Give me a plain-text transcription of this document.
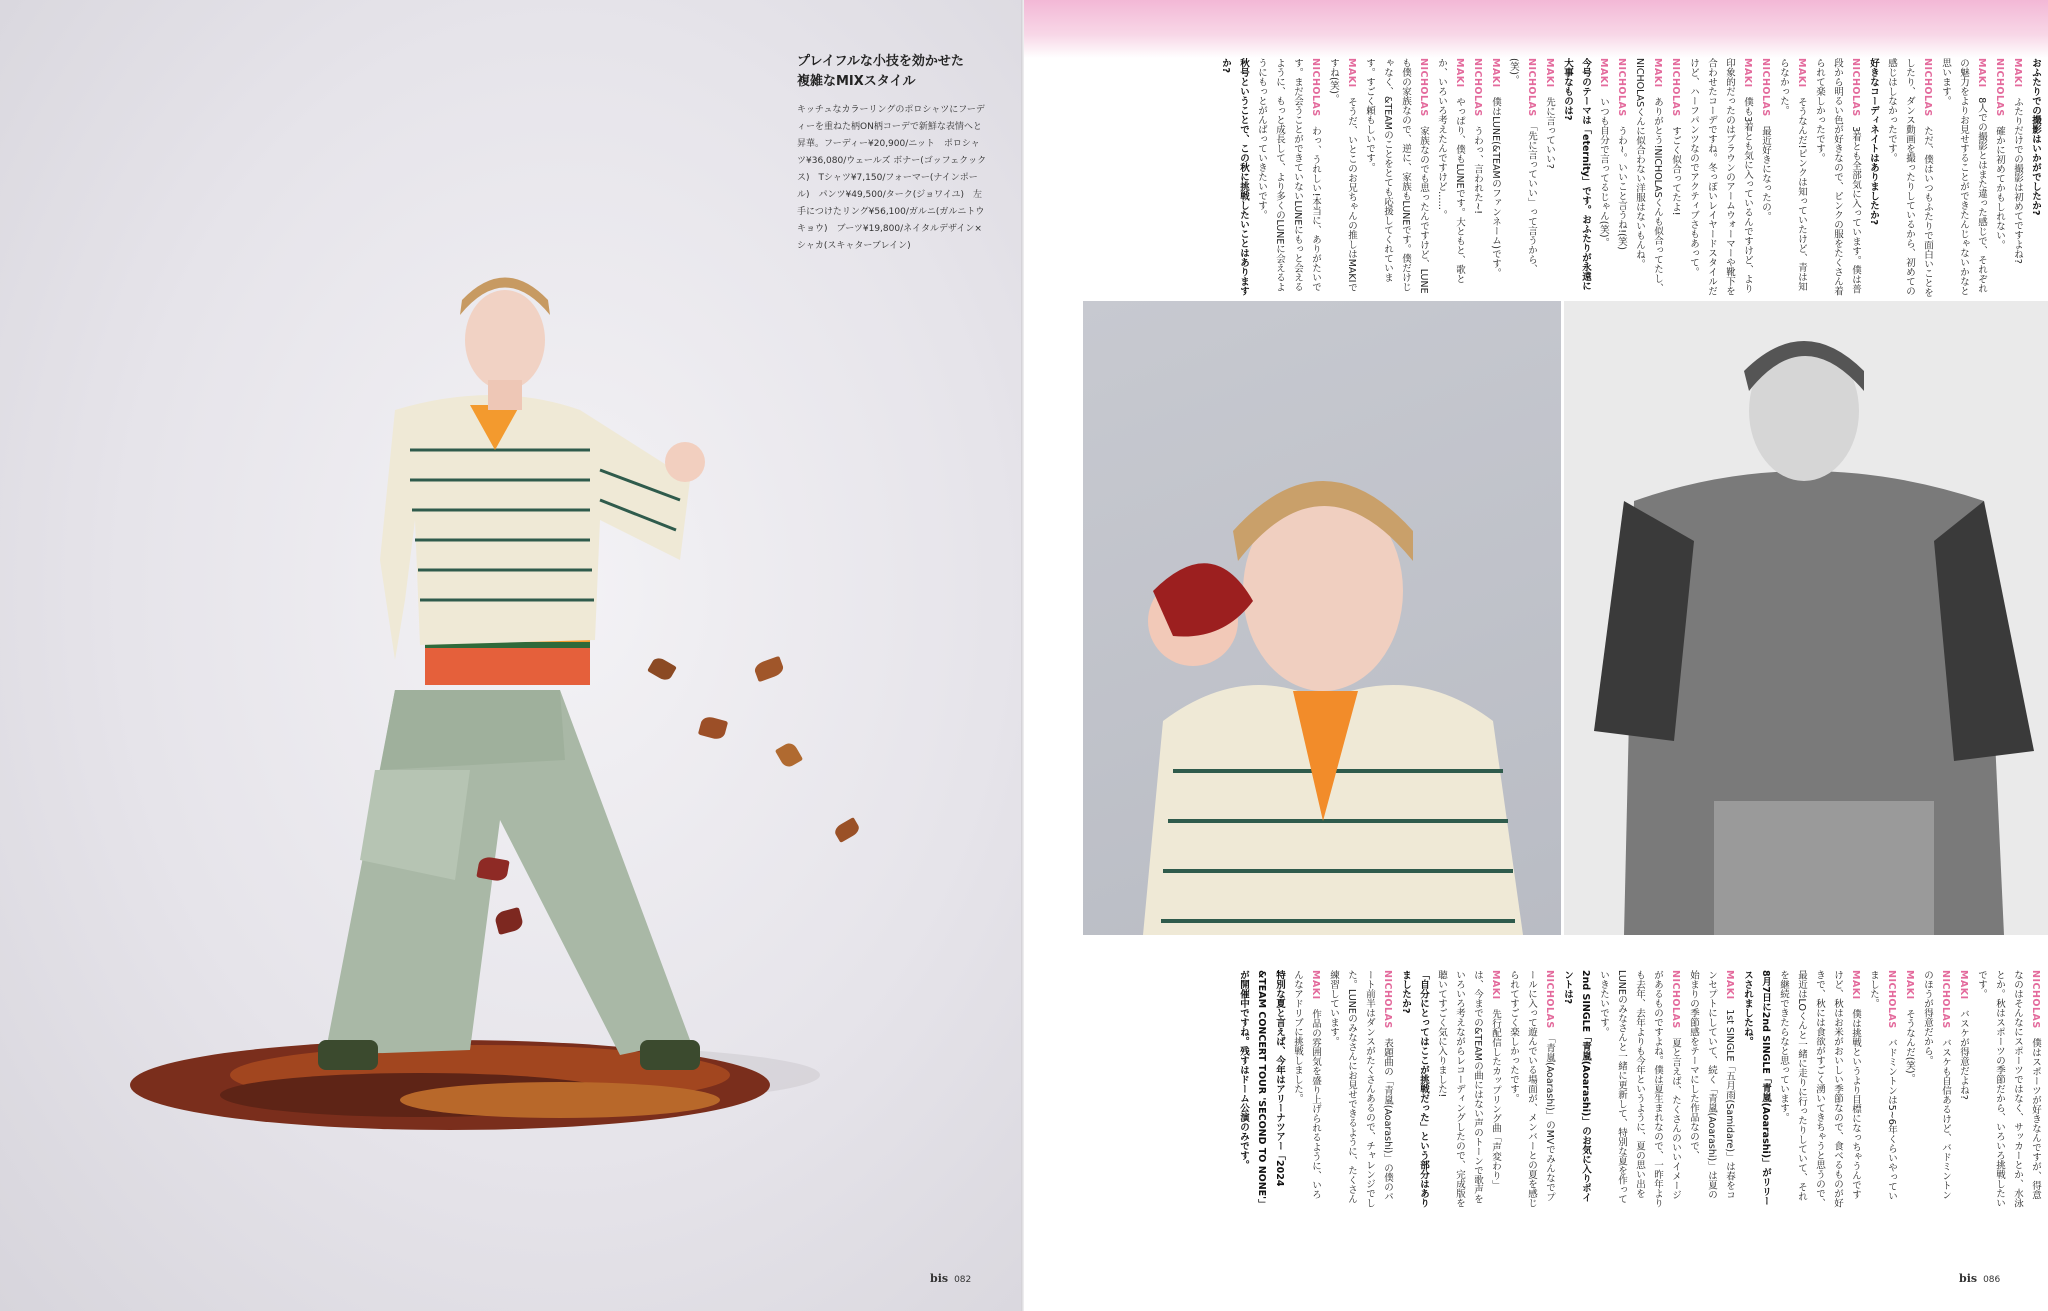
プレイフルな小技を効かせた
複雑なMIXスタイル

キッチュなカラーリングのポロシャツにフーディーを重ねた柄ON柄コーデで新鮮な表情へと昇華。フーディー¥20,900/ニット　ポロシャツ¥36,080/ウェールズ ボナー(ゴッフェクックス)　Tシャツ¥7,150/フォーマー(ナインポール)　パンツ¥49,500/ターク(ジョワイユ)　左手につけたリング¥56,100/ガルニ(ガルニトウキョウ)　ブーツ¥19,800/ネイタルデザイン×シャカ(スキャターブレイン)

bis 082

おふたりでの撮影はいかがでしたか?

MAKI　ふたりだけでの撮影は初めてですよね?

NICHOLAS　確かに初めてかもしれない。

MAKI　8人での撮影とはまた違った感じで、それぞれの魅力をよりお見せすることができたんじゃないかなと思います。

NICHOLAS　ただ、僕はいつもふたりで面白いことをしたり、ダンス動画を撮ったりしているから、初めての感じはしなかったです。

好きなコーディネイトはありましたか?

NICHOLAS　3着とも全部気に入っています。僕は普段から明るい色が好きなので、ピンクの服をたくさん着られて楽しかったです。

MAKI　そうなんだ!ピンクは知っていたけど、青は知らなかった。

NICHOLAS　最近好きになったの。

MAKI　僕も3着とも気に入っているんですけど、より印象的だったのはブラウンのアームウォーマーや靴下を合わせたコーデですね。冬っぽいレイヤードスタイルだけど、ハーフパンツなのでアクティブさもあって。

NICHOLAS　すごく似合ってたよ!

MAKI　ありがとう!NICHOLASくんも似合ってたし、NICHOLASくんに似合わない洋服はないもんね。

NICHOLAS　うわ~。いいこと言うね!(笑)

MAKI　いつも自分で言ってるじゃん(笑)。

今号のテーマは「eternity」です。おふたりが永遠に大事なものは?

MAKI　先に言っていい?

NICHOLAS　「先に言っていい」って言うから、(笑)。

MAKI　僕はLUNE(&TEAMのファンネーム)です。

NICHOLAS　うわっ、言われた~!

MAKI　やっぱり、僕もLUNEです。大ともと、歌とか、いろいろ考えたんですけど……。

NICHOLAS　家族なのでも思ったんですけど、LUNEも僕の家族なので、逆に、家族もLUNEです。僕だけじゃなく、&TEAMのことをとても応援してくれています。すごく頼もしいです。

MAKI　そうだ、いとこのお兄ちゃんの推しはMAKIですね(笑)。

NICHOLAS　わっ、うれしい!本当に、ありがたいです。まだ会うことができていないLUNEにもっと会えるように、もっと成長して、より多くのLUNEに会えるようにもっとがんばっていきたいです。

秋号ということで、この秋に挑戦したいことはありますか?

NICHOLAS　僕はスポーツが好きなんですが、得意なのはそんなにスポーツではなく、サッカーとか、水泳とか。秋はスポーツの季節だから、いろいろ挑戦したいです。

MAKI　バスケが得意だよね?

NICHOLAS　バスケも自信あるけど、バドミントンのほうが得意だから。

MAKI　そうなんだ(笑)。

NICHOLAS　バドミントンは5~6年くらいやっていました。

MAKI　僕は挑戦というより目標になっちゃうんですけど、秋はお米がおいしい季節なので、食べるものが好きで、秋には食欲がすごく湧いてきちゃうと思うので、最近はLOくんと一緒に走りに行ったりしていて、それを継続できたらなと思っています。

8月7日に2nd SINGLE「青嵐(Aoarashi)」がリリースされましたね。

MAKI　1st SINGLE「五月雨(Samidare)」は春をコンセプトにしていて、続く「青嵐(Aoarashi)」は夏の始まりの季節感をテーマにした作品なので、

NICHOLAS　夏と言えば、たくさんのいいイメージがあるものですよね。僕は夏生まれなので、一昨年よりも去年、去年よりも今年というように、夏の思い出をLUNEのみなさんと一緒に更新して、特別な夏を作っていきたいです。

2nd SINGLE「青嵐(Aoarashi)」のお気に入りポイントは?

NICHOLAS　「青嵐(Aoarashi)」のMVでみんなでプールに入って遊んでいる場面が、メンバーとの夏を感じられてすごく楽しかったです。

MAKI　先行配信したカップリング曲「声変わり」は、今までの&TEAMの曲にはない声のトーンで歌声をいろいろ考えながらレコーディングしたので、完成版を聴いてすごく気に入りました!

「自分にとってはここが挑戦だった」という部分はありましたか?

NICHOLAS　表題曲の「青嵐(Aoarashi)」の僕のパート前半はダンスがたくさんあるので、チャレンジでした。LUNEのみなさんにお見せできるように、たくさん練習しています。

MAKI　作品の雰囲気を盛り上げられるように、いろんなアドリブに挑戦しました。

特別な夏と言えば、今年はアリーナツアー「2024 &TEAM CONCERT TOUR 'SECOND TO NONE'」が開催中ですね。残すはドーム公演のみです。

bis 086
